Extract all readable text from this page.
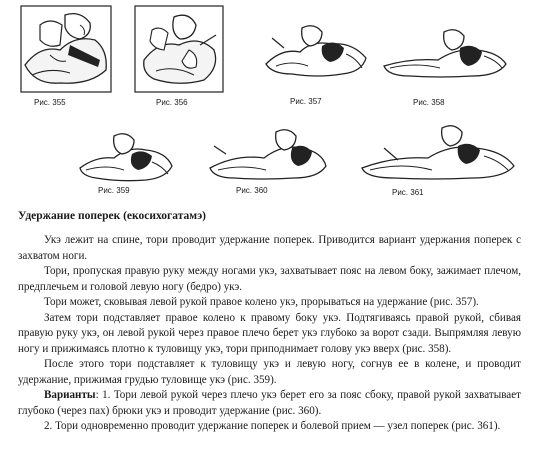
Рис. 355	Рис. 356	Рис. 357	Рис. 358
Рис. 359	Рис. 360	Рис. 361
Удержание поперек (екосихогатамэ)

Укэ лежит на спине, тори проводит удержание поперек. Приводится вариант удержания поперек с захватом ноги.

Тори, пропуская правую руку между ногами укэ, захватывает пояс на левом боку, зажимает плечом, предплечьем и головой левую ногу (бедро) укэ.

Тори может, сковывая левой рукой правое колено укэ, прорываться на удержание (рис. 357).

Затем тори подставляет правое колено к правому боку укэ. Подтягиваясь правой рукой, сбивая правую руку укэ, он левой рукой через правое плечо берет укэ глубоко за ворот сзади. Выпрямляя левую ногу и прижимаясь плотно к туловищу укэ, тори приподнимает голову укэ вверх (рис. 358).

После этого тори подставляет к туловищу укэ и левую ногу, согнув ее в колене, и проводит удержание, прижимая грудью туловище укэ (рис. 359).

Варианты: 1. Тори левой рукой через плечо укэ берет его за пояс сбоку, правой рукой захватывает глубоко (через пах) брюки укэ и проводит удержание (рис. 360).

2. Тори одновременно проводит удержание поперек и болевой прием — узел поперек (рис. 361).
